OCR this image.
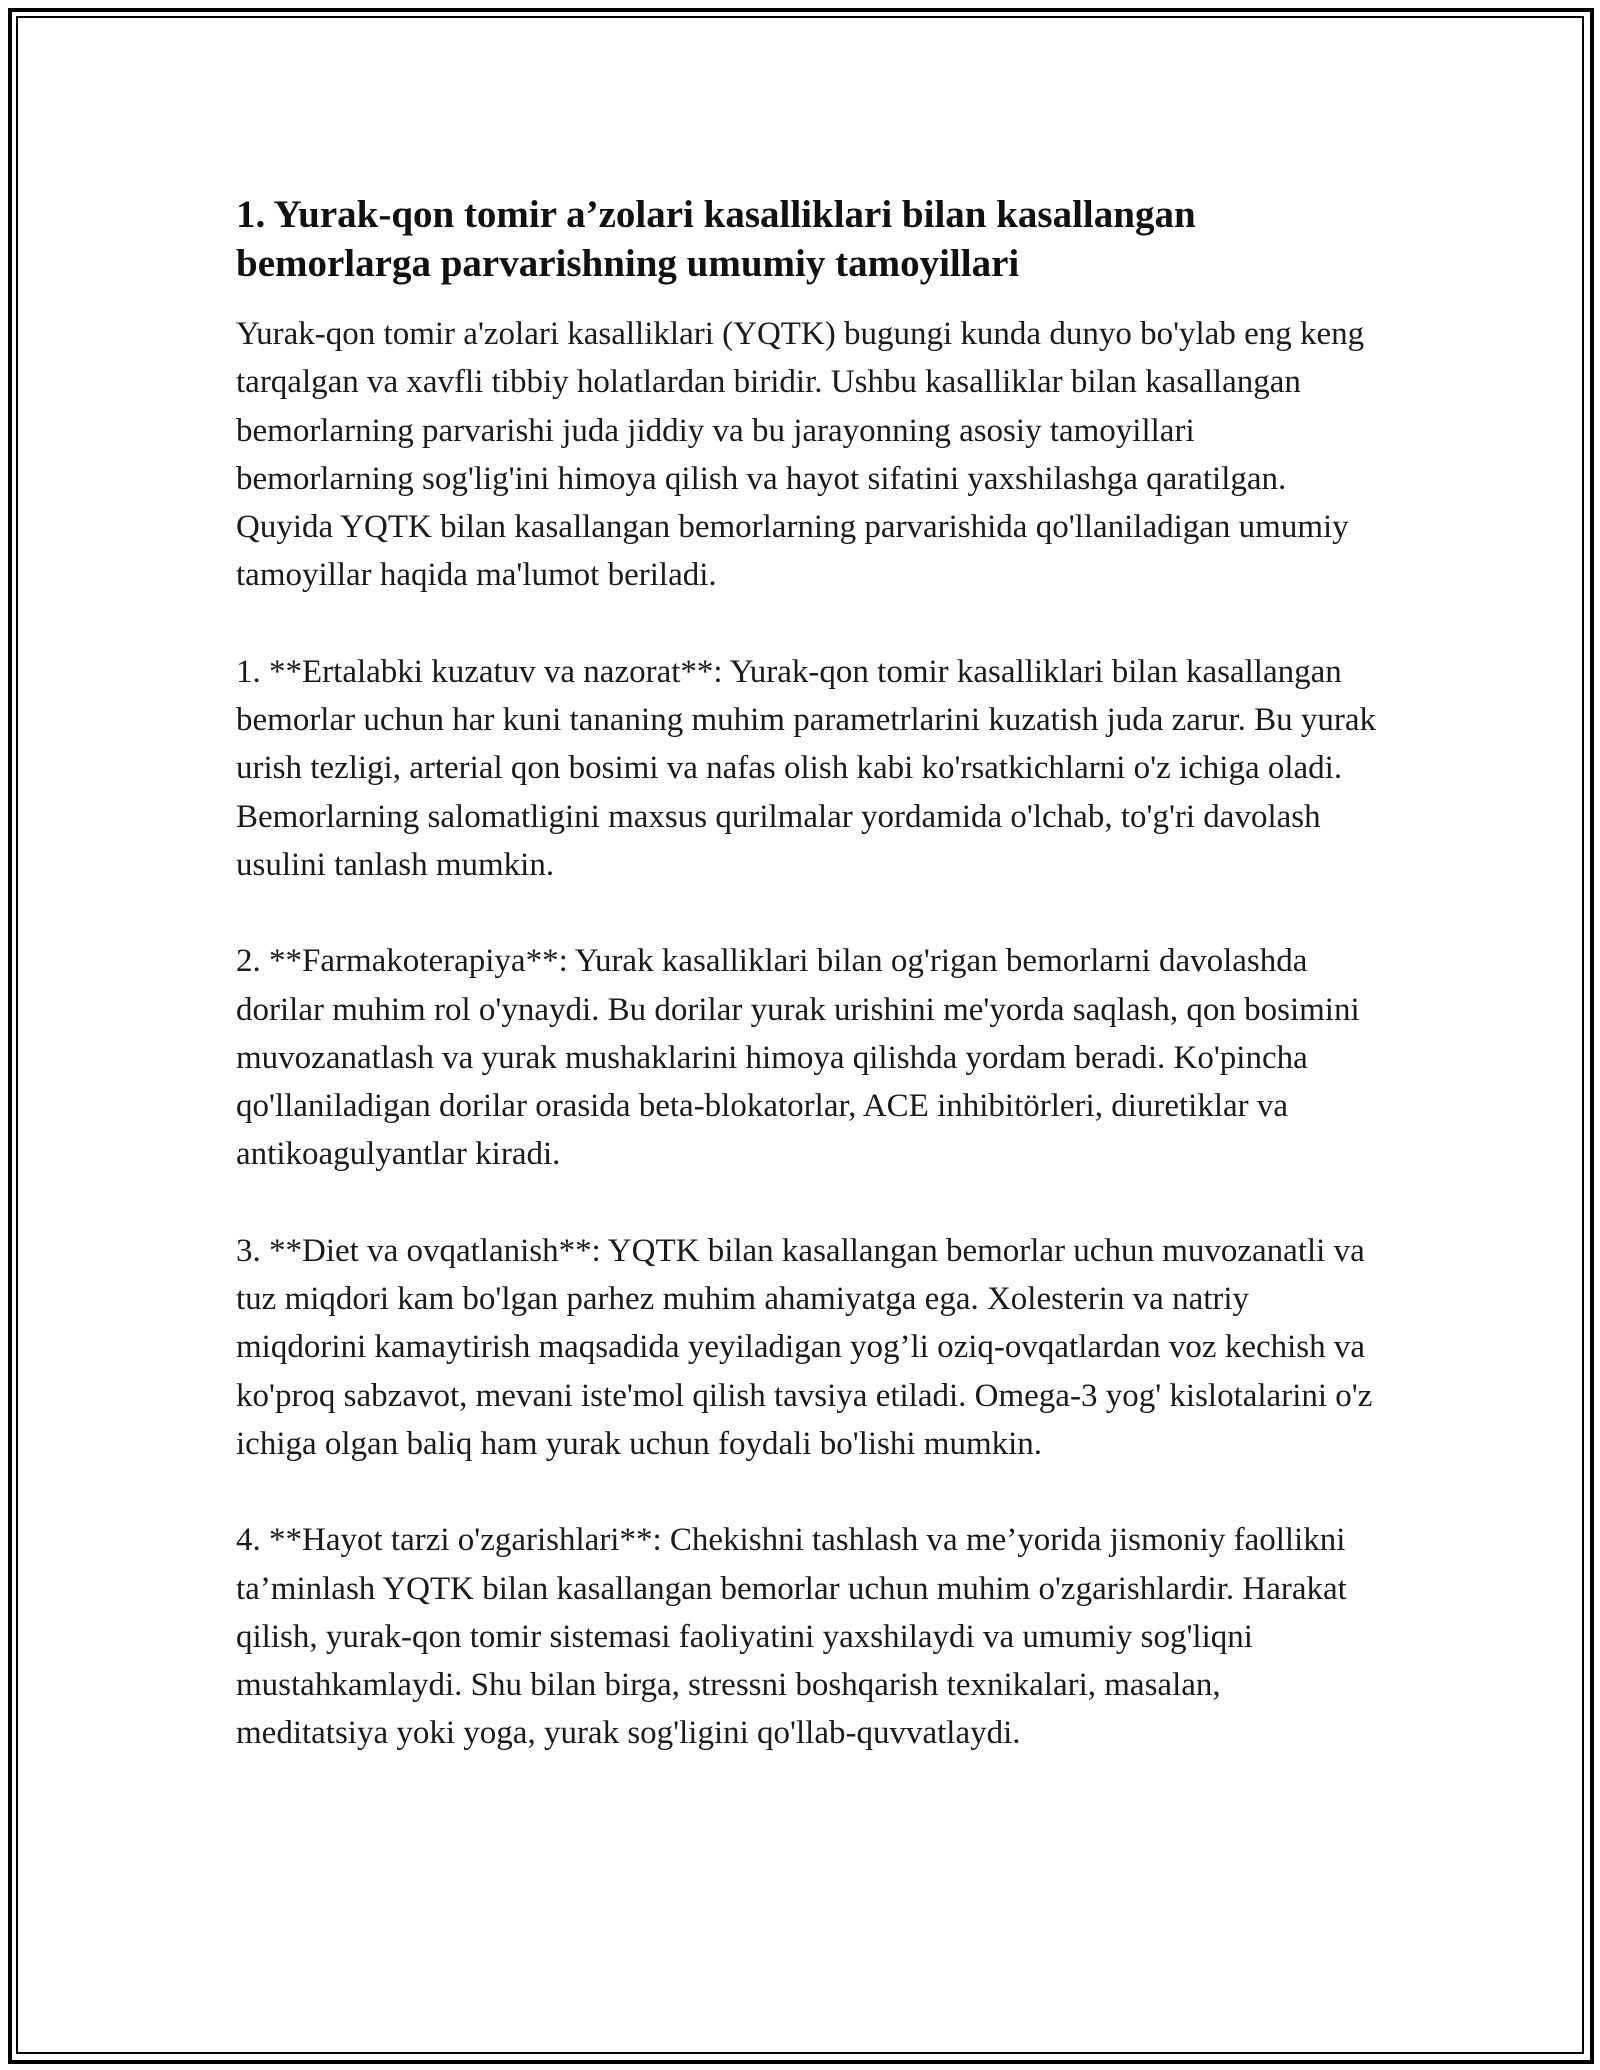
1. Yurak-qon tomir a’zolari kasalliklari bilan kasallangan
bemorlarga parvarishning umumiy tamoyillari

Yurak-qon tomir a'zolari kasalliklari (YQTK) bugungi kunda dunyo bo'ylab eng keng tarqalgan va xavfli tibbiy holatlardan biridir. Ushbu kasalliklar bilan kasallangan bemorlarning parvarishi juda jiddiy va bu jarayonning asosiy tamoyillari bemorlarning sog'lig'ini himoya qilish va hayot sifatini yaxshilashga qaratilgan. Quyida YQTK bilan kasallangan bemorlarning parvarishida qo'llaniladigan umumiy tamoyillar haqida ma'lumot beriladi.

1. **Ertalabki kuzatuv va nazorat**: Yurak-qon tomir kasalliklari bilan kasallangan bemorlar uchun har kuni tananing muhim parametrlarini kuzatish juda zarur. Bu yurak urish tezligi, arterial qon bosimi va nafas olish kabi ko'rsatkichlarni o'z ichiga oladi. Bemorlarning salomatligini maxsus qurilmalar yordamida o'lchab, to'g'ri davolash usulini tanlash mumkin.

2. **Farmakoterapiya**: Yurak kasalliklari bilan og'rigan bemorlarni davolashda dorilar muhim rol o'ynaydi. Bu dorilar yurak urishini me'yorda saqlash, qon bosimini muvozanatlash va yurak mushaklarini himoya qilishda yordam beradi. Ko'pincha qo'llaniladigan dorilar orasida beta-blokatorlar, ACE inhibitörleri, diuretiklar va antikoagulyantlar kiradi.

3. **Diet va ovqatlanish**: YQTK bilan kasallangan bemorlar uchun muvozanatli va tuz miqdori kam bo'lgan parhez muhim ahamiyatga ega. Xolesterin va natriy miqdorini kamaytirish maqsadida yeyiladigan yog’li oziq-ovqatlardan voz kechish va ko'proq sabzavot, mevani iste'mol qilish tavsiya etiladi. Omega-3 yog' kislotalarini o'z ichiga olgan baliq ham yurak uchun foydali bo'lishi mumkin.

4. **Hayot tarzi o'zgarishlari**: Chekishni tashlash va me’yorida jismoniy faollikni ta’minlash YQTK bilan kasallangan bemorlar uchun muhim o'zgarishlardir. Harakat qilish, yurak-qon tomir sistemasi faoliyatini yaxshilaydi va umumiy sog'liqni mustahkamlaydi. Shu bilan birga, stressni boshqarish texnikalari, masalan, meditatsiya yoki yoga, yurak sog'ligini qo'llab-quvvatlaydi.
